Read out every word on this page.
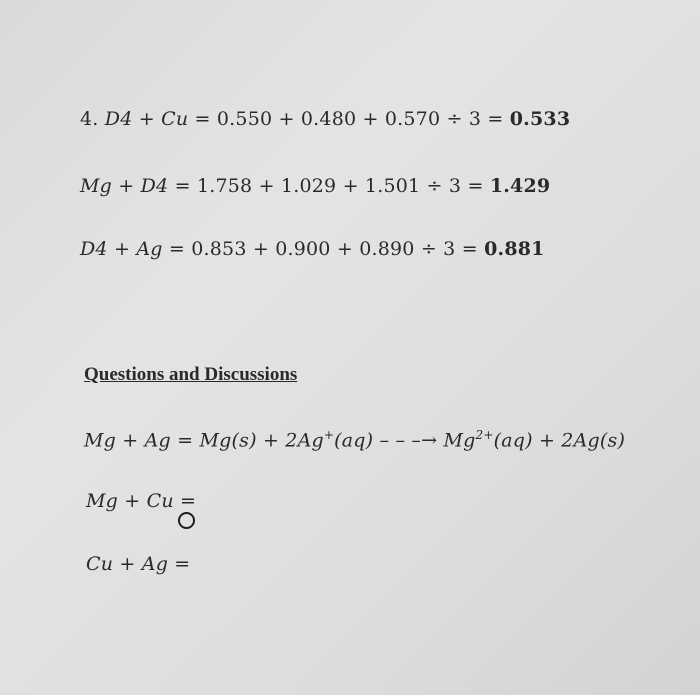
4. D4 + Cu = 0.550 + 0.480 + 0.570 ÷ 3 = 0.533
Mg + D4 = 1.758 + 1.029 + 1.501 ÷ 3 = 1.429
D4 + Ag = 0.853 + 0.900 + 0.890 ÷ 3 = 0.881
Questions and Discussions
Mg + Ag = Mg(s) + 2Ag+(aq) – – –→ $Mg^{2+}(aq) + 2Ag(s)$
Mg + Cu =
Cu + Ag =
